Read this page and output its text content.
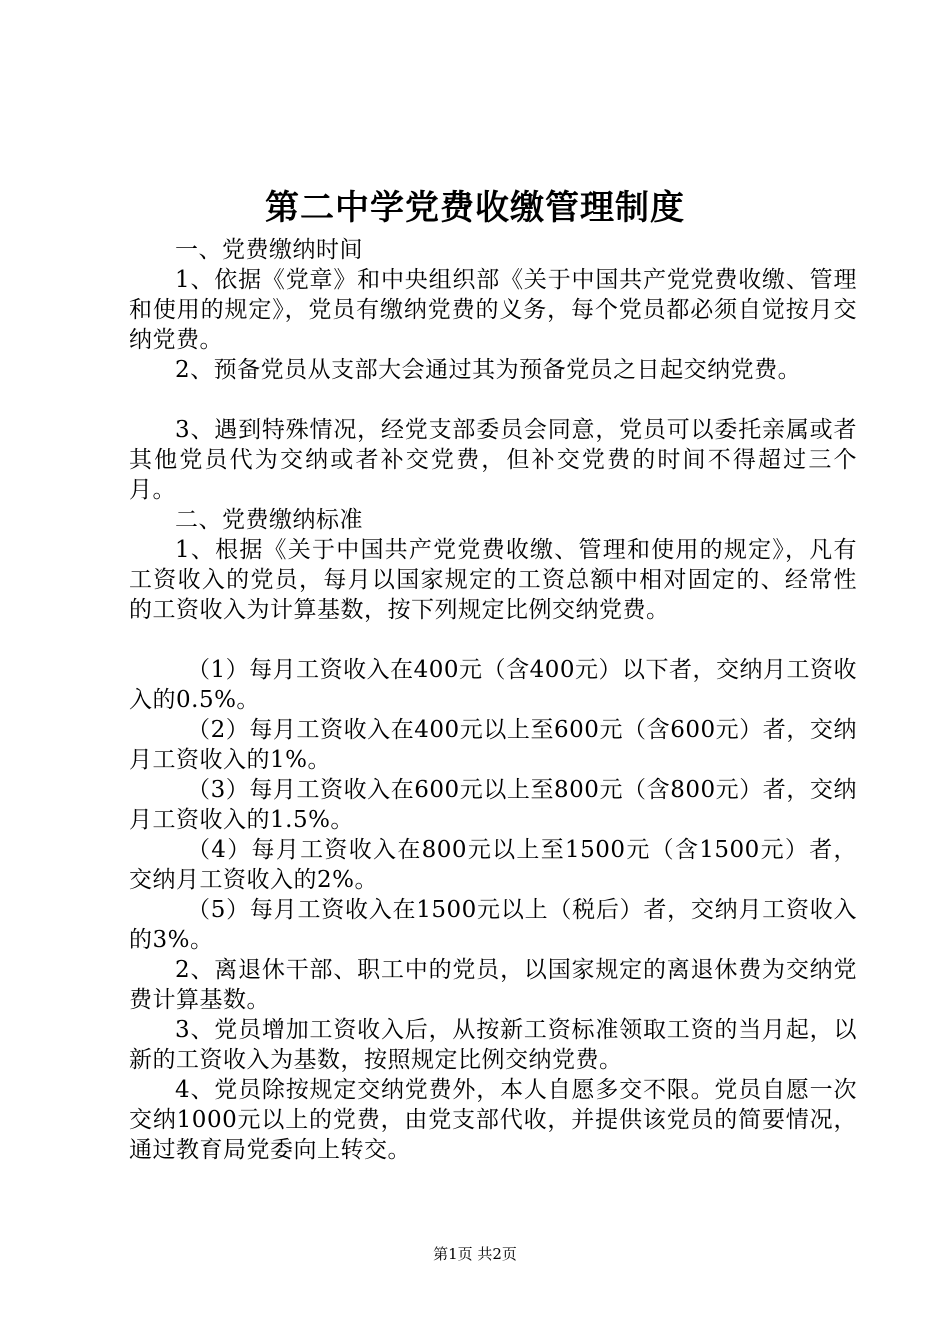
第二中学党费收缴管理制度

一、党费缴纳时间

1、依据《党章》和中央组织部《关于中国共产党党费收缴、管理和使用的规定》，党员有缴纳党费的义务，每个党员都必须自觉按月交纳党费。

2、预备党员从支部大会通过其为预备党员之日起交纳党费。

3、遇到特殊情况，经党支部委员会同意，党员可以委托亲属或者其他党员代为交纳或者补交党费，但补交党费的时间不得超过三个月。

二、党费缴纳标准

1、根据《关于中国共产党党费收缴、管理和使用的规定》，凡有工资收入的党员，每月以国家规定的工资总额中相对固定的、经常性的工资收入为计算基数，按下列规定比例交纳党费。

（1）每月工资收入在400元（含400元）以下者，交纳月工资收入的0.5%。

（2）每月工资收入在400元以上至600元（含600元）者，交纳月工资收入的1%。

（3）每月工资收入在600元以上至800元（含800元）者，交纳月工资收入的1.5%。

（4）每月工资收入在800元以上至1500元（含1500元）者，交纳月工资收入的2%。

（5）每月工资收入在1500元以上（税后）者，交纳月工资收入的3%。

2、离退休干部、职工中的党员，以国家规定的离退休费为交纳党费计算基数。

3、党员增加工资收入后，从按新工资标准领取工资的当月起，以新的工资收入为基数，按照规定比例交纳党费。

4、党员除按规定交纳党费外，本人自愿多交不限。党员自愿一次交纳1000元以上的党费，由党支部代收，并提供该党员的简要情况，通过教育局党委向上转交。

第1页 共2页
